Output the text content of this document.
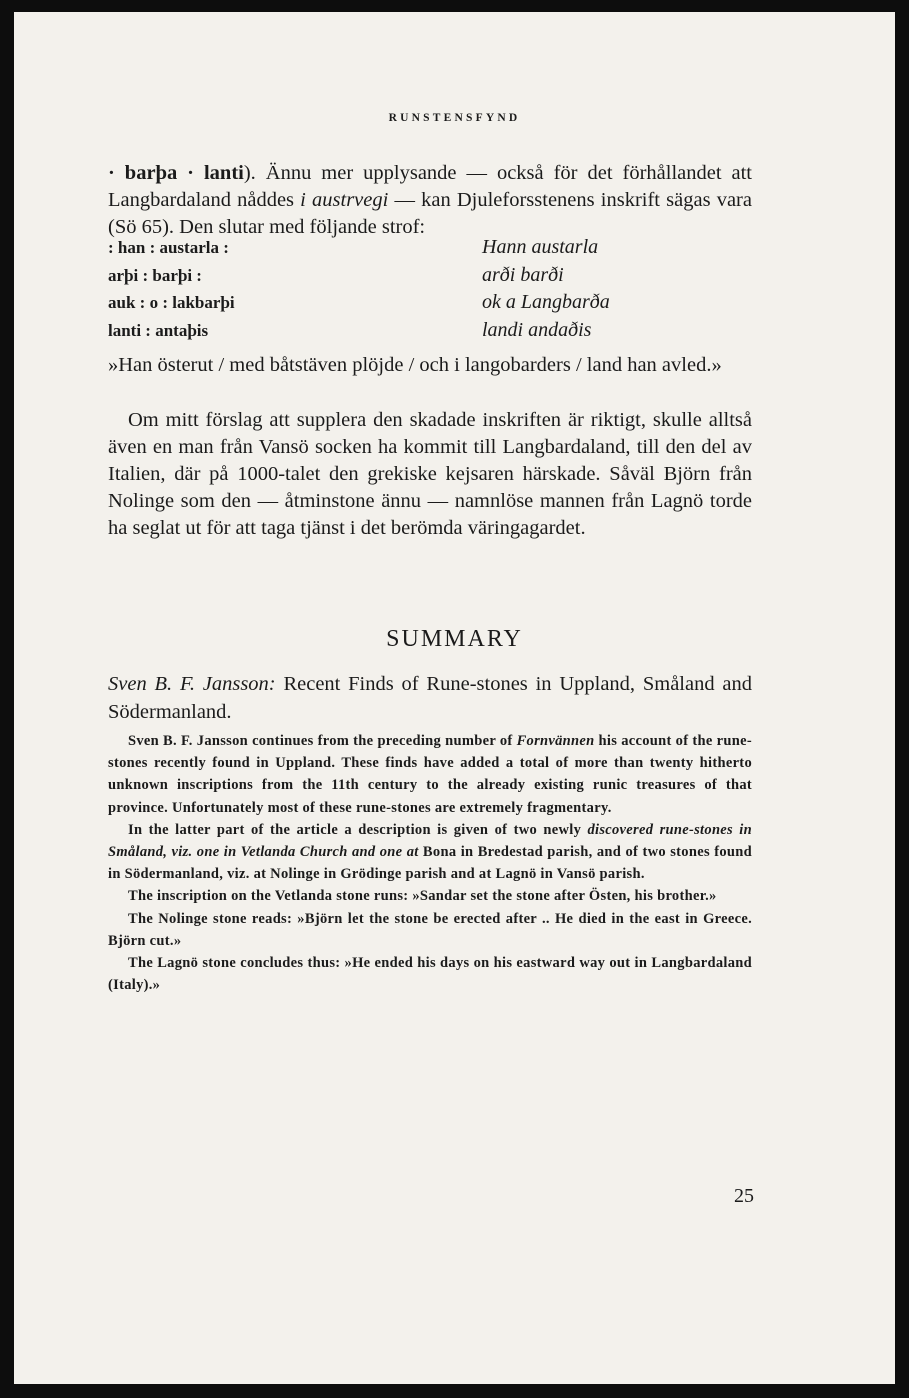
RUNSTENSFYND

· barþa · lanti). Ännu mer upplysande — också för det förhållandet att Langbardaland nåddes i austrvegi — kan Djuleforsstenens inskrift sägas vara (Sö 65). Den slutar med följande strof:

: han : austarla :	Hann austarla
arþi : barþi :	arði barði
auk : o : lakbarþi	ok a Langbarða
lanti : antaþis	landi andaðis

»Han österut / med båtstäven plöjde / och i langobarders / land han avled.»

Om mitt förslag att supplera den skadade inskriften är riktigt, skulle alltså även en man från Vansö socken ha kommit till Langbardaland, till den del av Italien, där på 1000-talet den grekiske kejsaren härskade. Såväl Björn från Nolinge som den — åtminstone ännu — namnlöse mannen från Lagnö torde ha seglat ut för att taga tjänst i det berömda väringagardet.

SUMMARY
Sven B. F. Jansson: Recent Finds of Rune-stones in Uppland, Småland and Södermanland.

Sven B. F. Jansson continues from the preceding number of Fornvännen his account of the rune-stones recently found in Uppland. These finds have added a total of more than twenty hitherto unknown inscriptions from the 11th century to the already existing runic treasures of that province. Unfortunately most of these rune-stones are extremely fragmentary.

In the latter part of the article a description is given of two newly discovered rune-stones in Småland, viz. one in Vetlanda Church and one at Bona in Bredestad parish, and of two stones found in Södermanland, viz. at Nolinge in Grödinge parish and at Lagnö in Vansö parish.

The inscription on the Vetlanda stone runs: »Sandar set the stone after Östen, his brother.»

The Nolinge stone reads: »Björn let the stone be erected after .. He died in the east in Greece. Björn cut.»

The Lagnö stone concludes thus: »He ended his days on his eastward way out in Langbardaland (Italy).»

25
